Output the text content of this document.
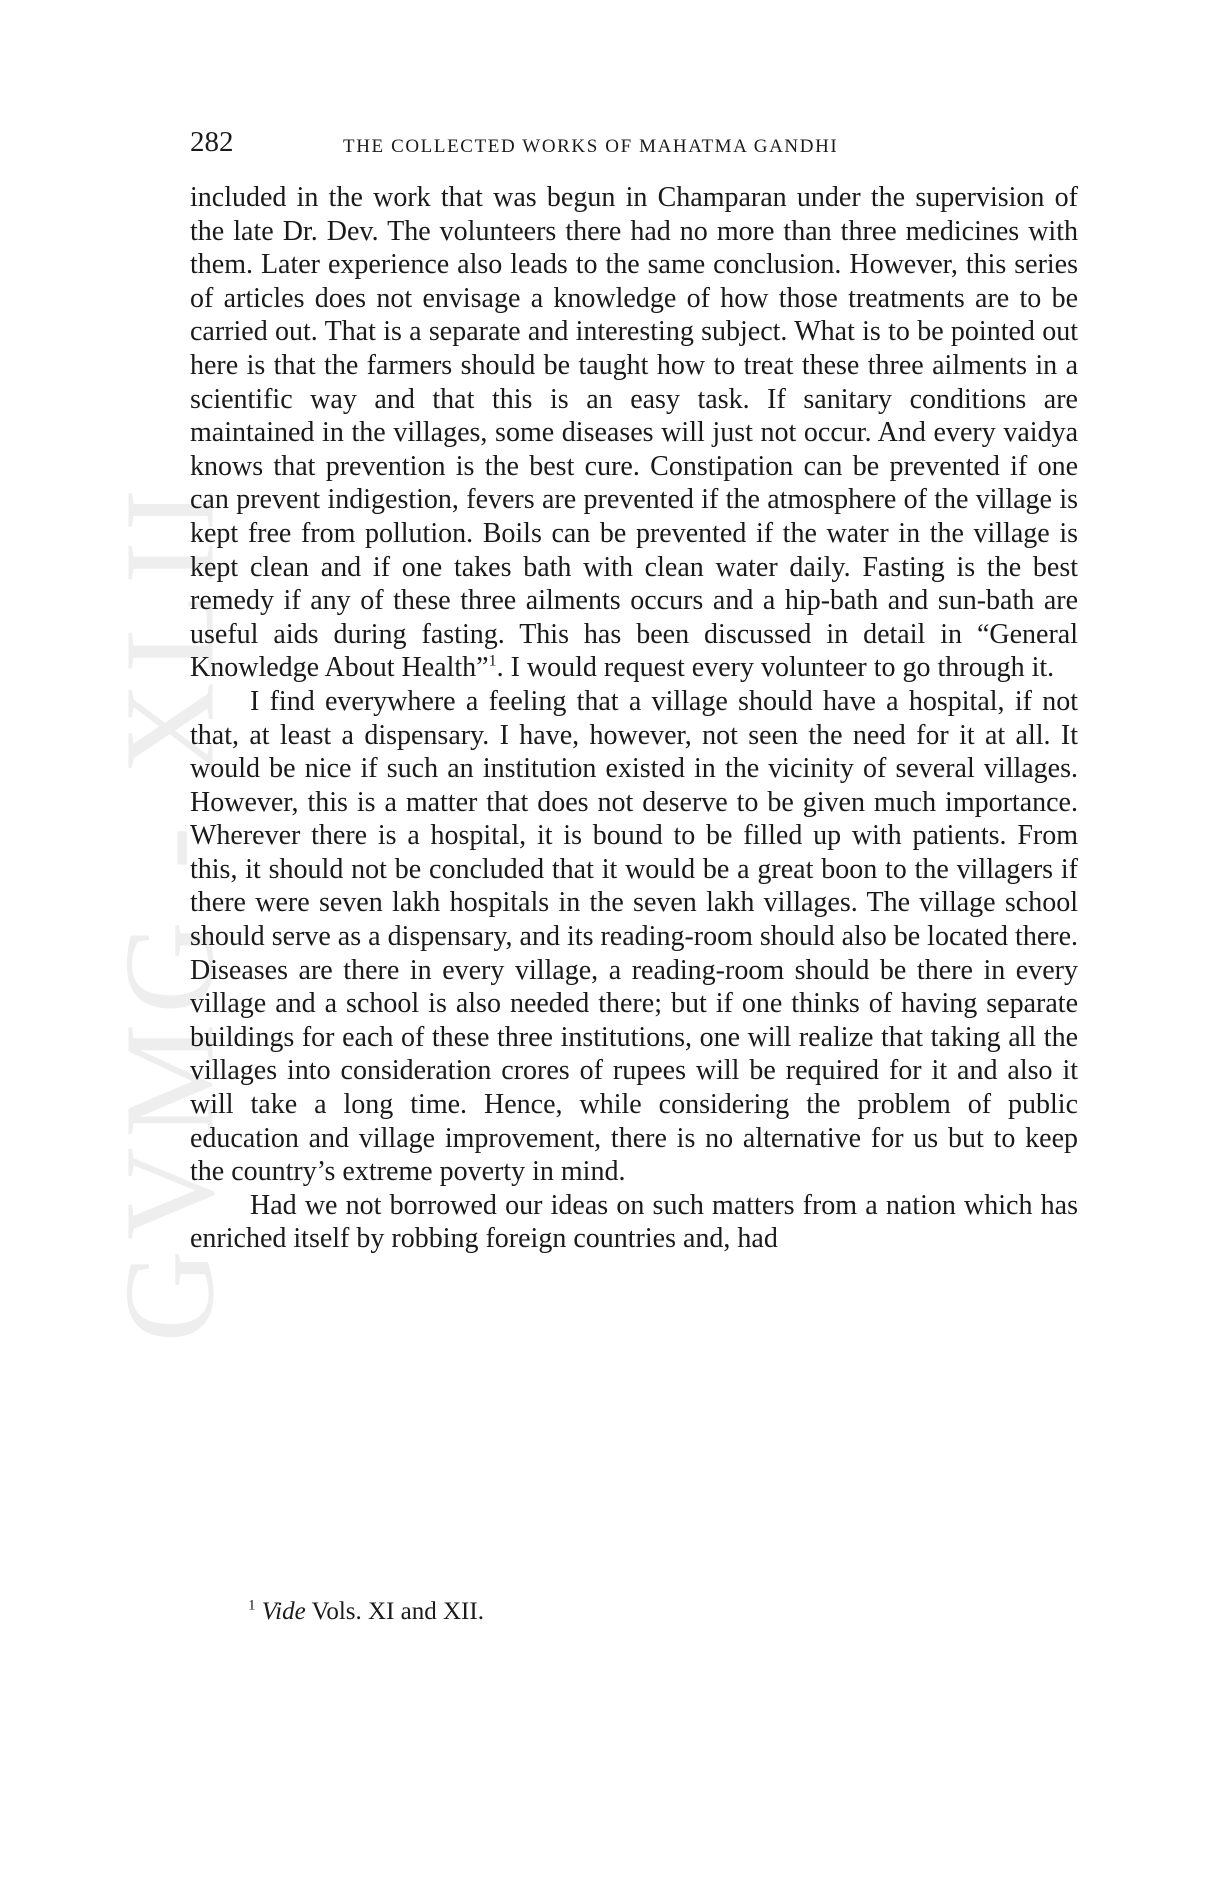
GVMG - XLII
282	THE COLLECTED WORKS OF MAHATMA GANDHI

included in the work that was begun in Champaran under the supervision of the late Dr. Dev. The volunteers there had no more than three medicines with them. Later experience also leads to the same conclusion. However, this series of articles does not envisage a knowledge of how those treatments are to be carried out. That is a separate and interesting subject. What is to be pointed out here is that the farmers should be taught how to treat these three ailments in a scientific way and that this is an easy task. If sanitary conditions are maintained in the villages, some diseases will just not occur. And every vaidya knows that prevention is the best cure. Constipation can be prevented if one can prevent indigestion, fevers are prevented if the atmosphere of the village is kept free from pollution. Boils can be prevented if the water in the village is kept clean and if one takes bath with clean water daily. Fasting is the best remedy if any of these three ailments occurs and a hip-bath and sun-bath are useful aids during fasting. This has been discussed in detail in “General Knowledge About Health”$^1$. I would request every volunteer to go through it.

I find everywhere a feeling that a village should have a hospital, if not that, at least a dispensary. I have, however, not seen the need for it at all. It would be nice if such an institution existed in the vicinity of several villages. However, this is a matter that does not deserve to be given much importance. Wherever there is a hospital, it is bound to be filled up with patients. From this, it should not be concluded that it would be a great boon to the villagers if there were seven lakh hospitals in the seven lakh villages. The village school should serve as a dispensary, and its reading-room should also be located there. Diseases are there in every village, a reading-room should be there in every village and a school is also needed there; but if one thinks of having separate buildings for each of these three institutions, one will realize that taking all the villages into consideration crores of rupees will be required for it and also it will take a long time. Hence, while considering the problem of public education and village improvement, there is no alternative for us but to keep the country’s extreme poverty in mind.

Had we not borrowed our ideas on such matters from a nation which has enriched itself by robbing foreign countries and, had

$^1$ Vide Vols. XI and XII.
